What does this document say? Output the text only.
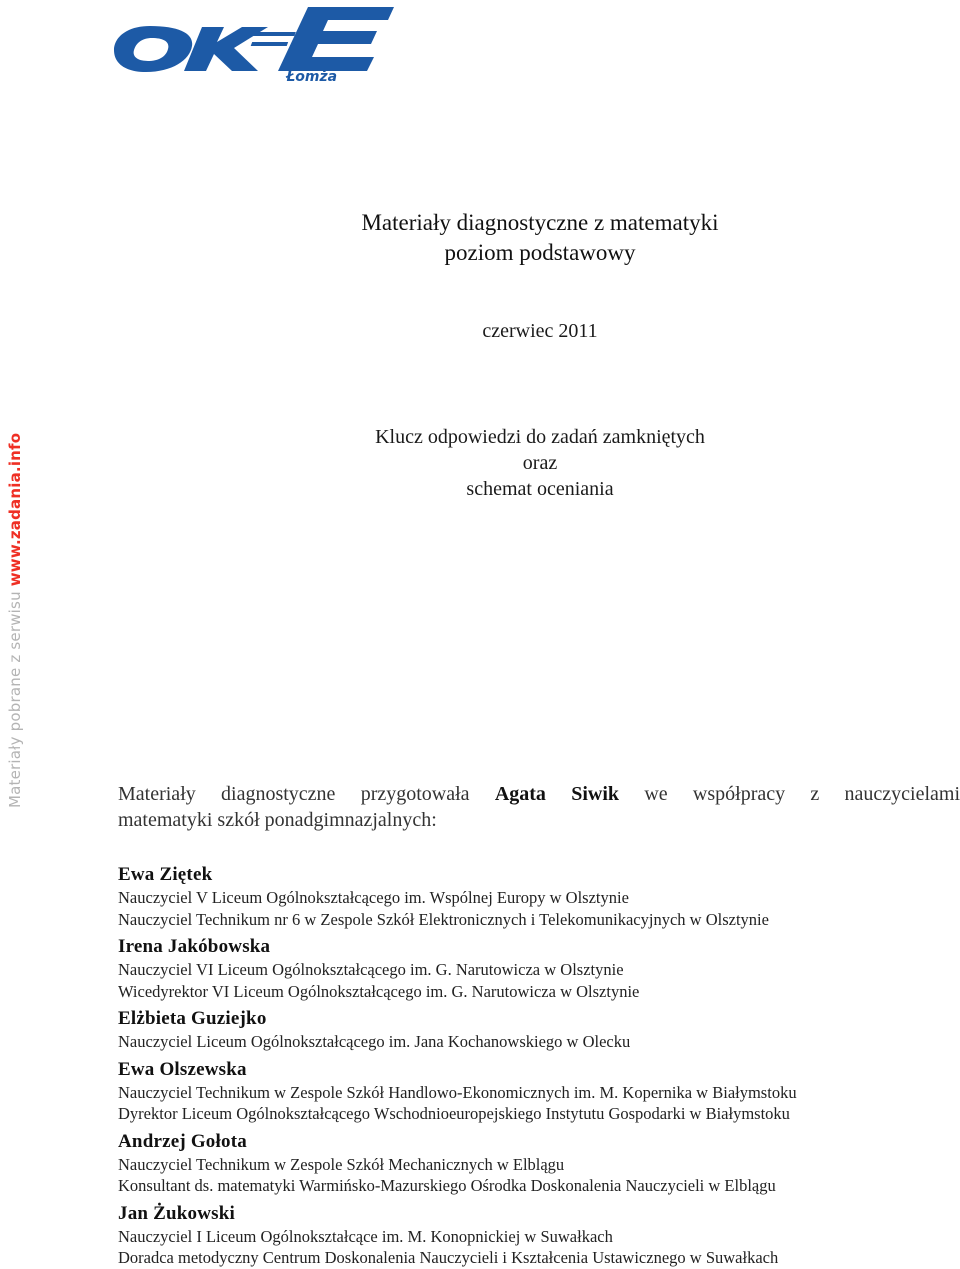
Łomża
Materiały pobrane z serwisu www.zadania.info
Materiały diagnostyczne z matematyki
poziom podstawowy
czerwiec 2011
Klucz odpowiedzi do zadań zamkniętych
oraz
schemat oceniania
Materiały diagnostyczne przygotowała Agata Siwik we współpracy z nauczycielami
matematyki szkół ponadgimnazjalnych:
Ewa Ziętek
Nauczyciel V Liceum Ogólnokształcącego im. Wspólnej Europy w Olsztynie
Nauczyciel Technikum nr 6 w Zespole Szkół Elektronicznych i Telekomunikacyjnych w Olsztynie
Irena Jakóbowska
Nauczyciel VI Liceum Ogólnokształcącego im. G. Narutowicza w Olsztynie
Wicedyrektor VI Liceum Ogólnokształcącego im. G. Narutowicza w Olsztynie
Elżbieta Guziejko
Nauczyciel Liceum Ogólnokształcącego im. Jana Kochanowskiego w Olecku
Ewa Olszewska
Nauczyciel Technikum w Zespole Szkół Handlowo-Ekonomicznych im. M. Kopernika w Białymstoku
Dyrektor Liceum Ogólnokształcącego Wschodnioeuropejskiego Instytutu Gospodarki w Białymstoku
Andrzej Gołota
Nauczyciel Technikum w Zespole Szkół Mechanicznych w Elblągu
Konsultant ds. matematyki Warmińsko-Mazurskiego Ośrodka Doskonalenia Nauczycieli w Elblągu
Jan Żukowski
Nauczyciel I Liceum Ogólnokształcące im. M. Konopnickiej w Suwałkach
Doradca metodyczny Centrum Doskonalenia Nauczycieli i Kształcenia Ustawicznego w Suwałkach
